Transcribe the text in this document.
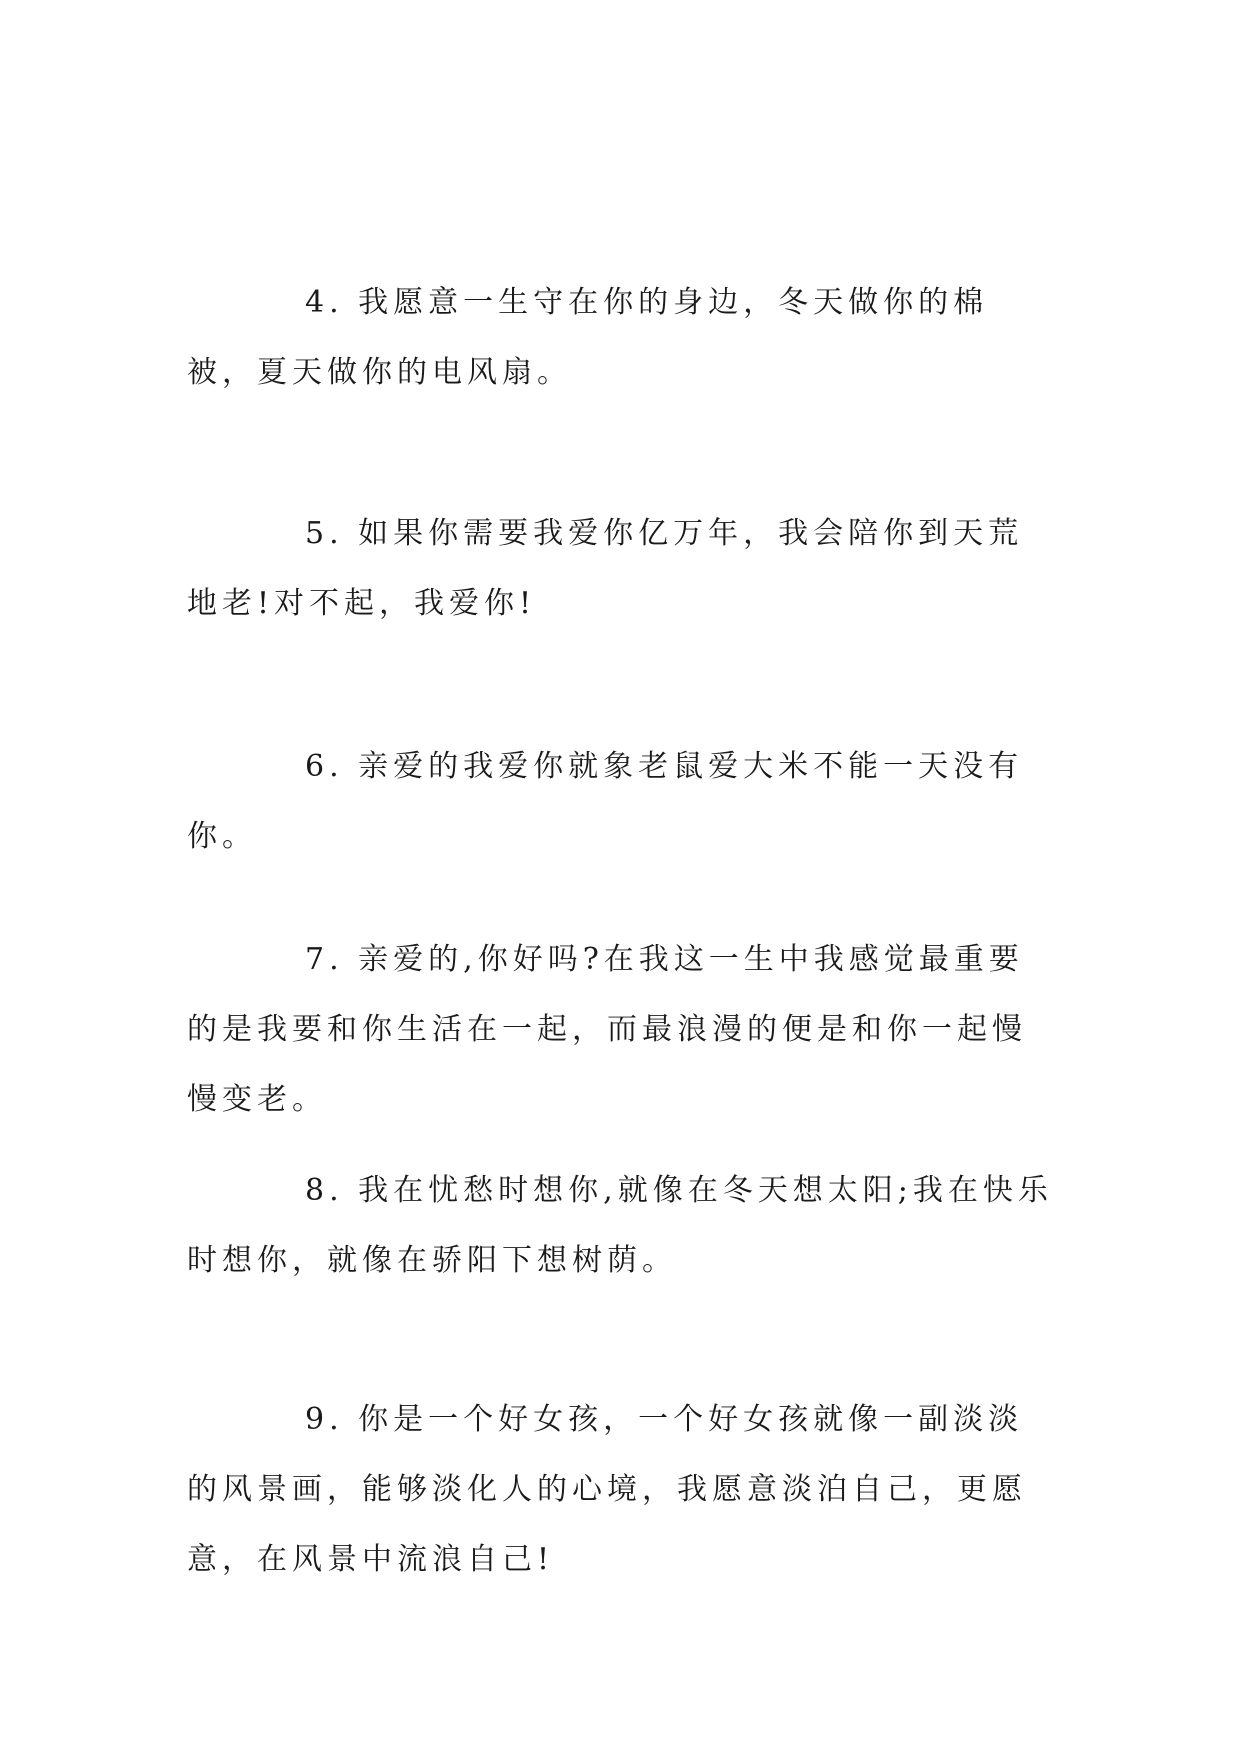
4. 我愿意一生守在你的身边，冬天做你的棉被，夏天做你的电风扇。

5. 如果你需要我爱你亿万年，我会陪你到天荒地老!对不起，我爱你!

6. 亲爱的我爱你就象老鼠爱大米不能一天没有你。

7. 亲爱的,你好吗?在我这一生中我感觉最重要的是我要和你生活在一起，而最浪漫的便是和你一起慢慢变老。

8. 我在忧愁时想你,就像在冬天想太阳;我在快乐时想你，就像在骄阳下想树荫。

9. 你是一个好女孩，一个好女孩就像一副淡淡的风景画，能够淡化人的心境，我愿意淡泊自己，更愿意，在风景中流浪自己!
